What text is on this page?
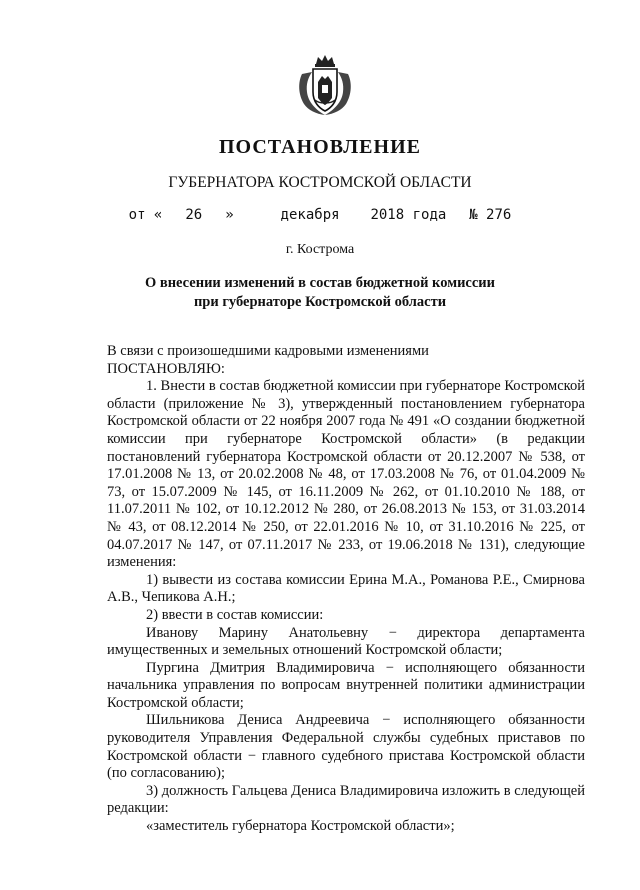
ПОСТАНОВЛЕНИЕ
ГУБЕРНАТОРА КОСТРОМСКОЙ ОБЛАСТИ
от « 26 »	декабря 2018 года № 276
г. Кострома
О внесении изменений в состав бюджетной комиссии
при губернаторе Костромской области

В связи с произошедшими кадровыми изменениями

ПОСТАНОВЛЯЮ:

1. Внести в состав бюджетной комиссии при губернаторе Костромской области (приложение № 3), утвержденный постановлением губернатора Костромской области от 22 ноября 2007 года № 491 «О создании бюджетной комиссии при губернаторе Костромской области» (в редакции постановлений губернатора Костромской области от 20.12.2007 № 538, от 17.01.2008 № 13, от 20.02.2008 № 48, от 17.03.2008 № 76, от 01.04.2009 № 73, от 15.07.2009 № 145, от 16.11.2009 № 262, от 01.10.2010 № 188, от 11.07.2011 № 102, от 10.12.2012 № 280, от 26.08.2013 № 153, от 31.03.2014 № 43, от 08.12.2014 № 250, от 22.01.2016 № 10, от 31.10.2016 № 225, от 04.07.2017 № 147, от 07.11.2017 № 233, от 19.06.2018 № 131), следующие изменения:

1) вывести из состава комиссии Ерина М.А., Романова Р.Е., Смирнова А.В., Чепикова А.Н.;

2) ввести в состав комиссии:

Иванову Марину Анатольевну − директора департамента имущественных и земельных отношений Костромской области;

Пургина Дмитрия Владимировича − исполняющего обязанности начальника управления по вопросам внутренней политики администрации Костромской области;

Шильникова Дениса Андреевича − исполняющего обязанности руководителя Управления Федеральной службы судебных приставов по Костромской области − главного судебного пристава Костромской области (по согласованию);

3) должность Гальцева Дениса Владимировича изложить в следующей редакции:

«заместитель губернатора Костромской области»;
